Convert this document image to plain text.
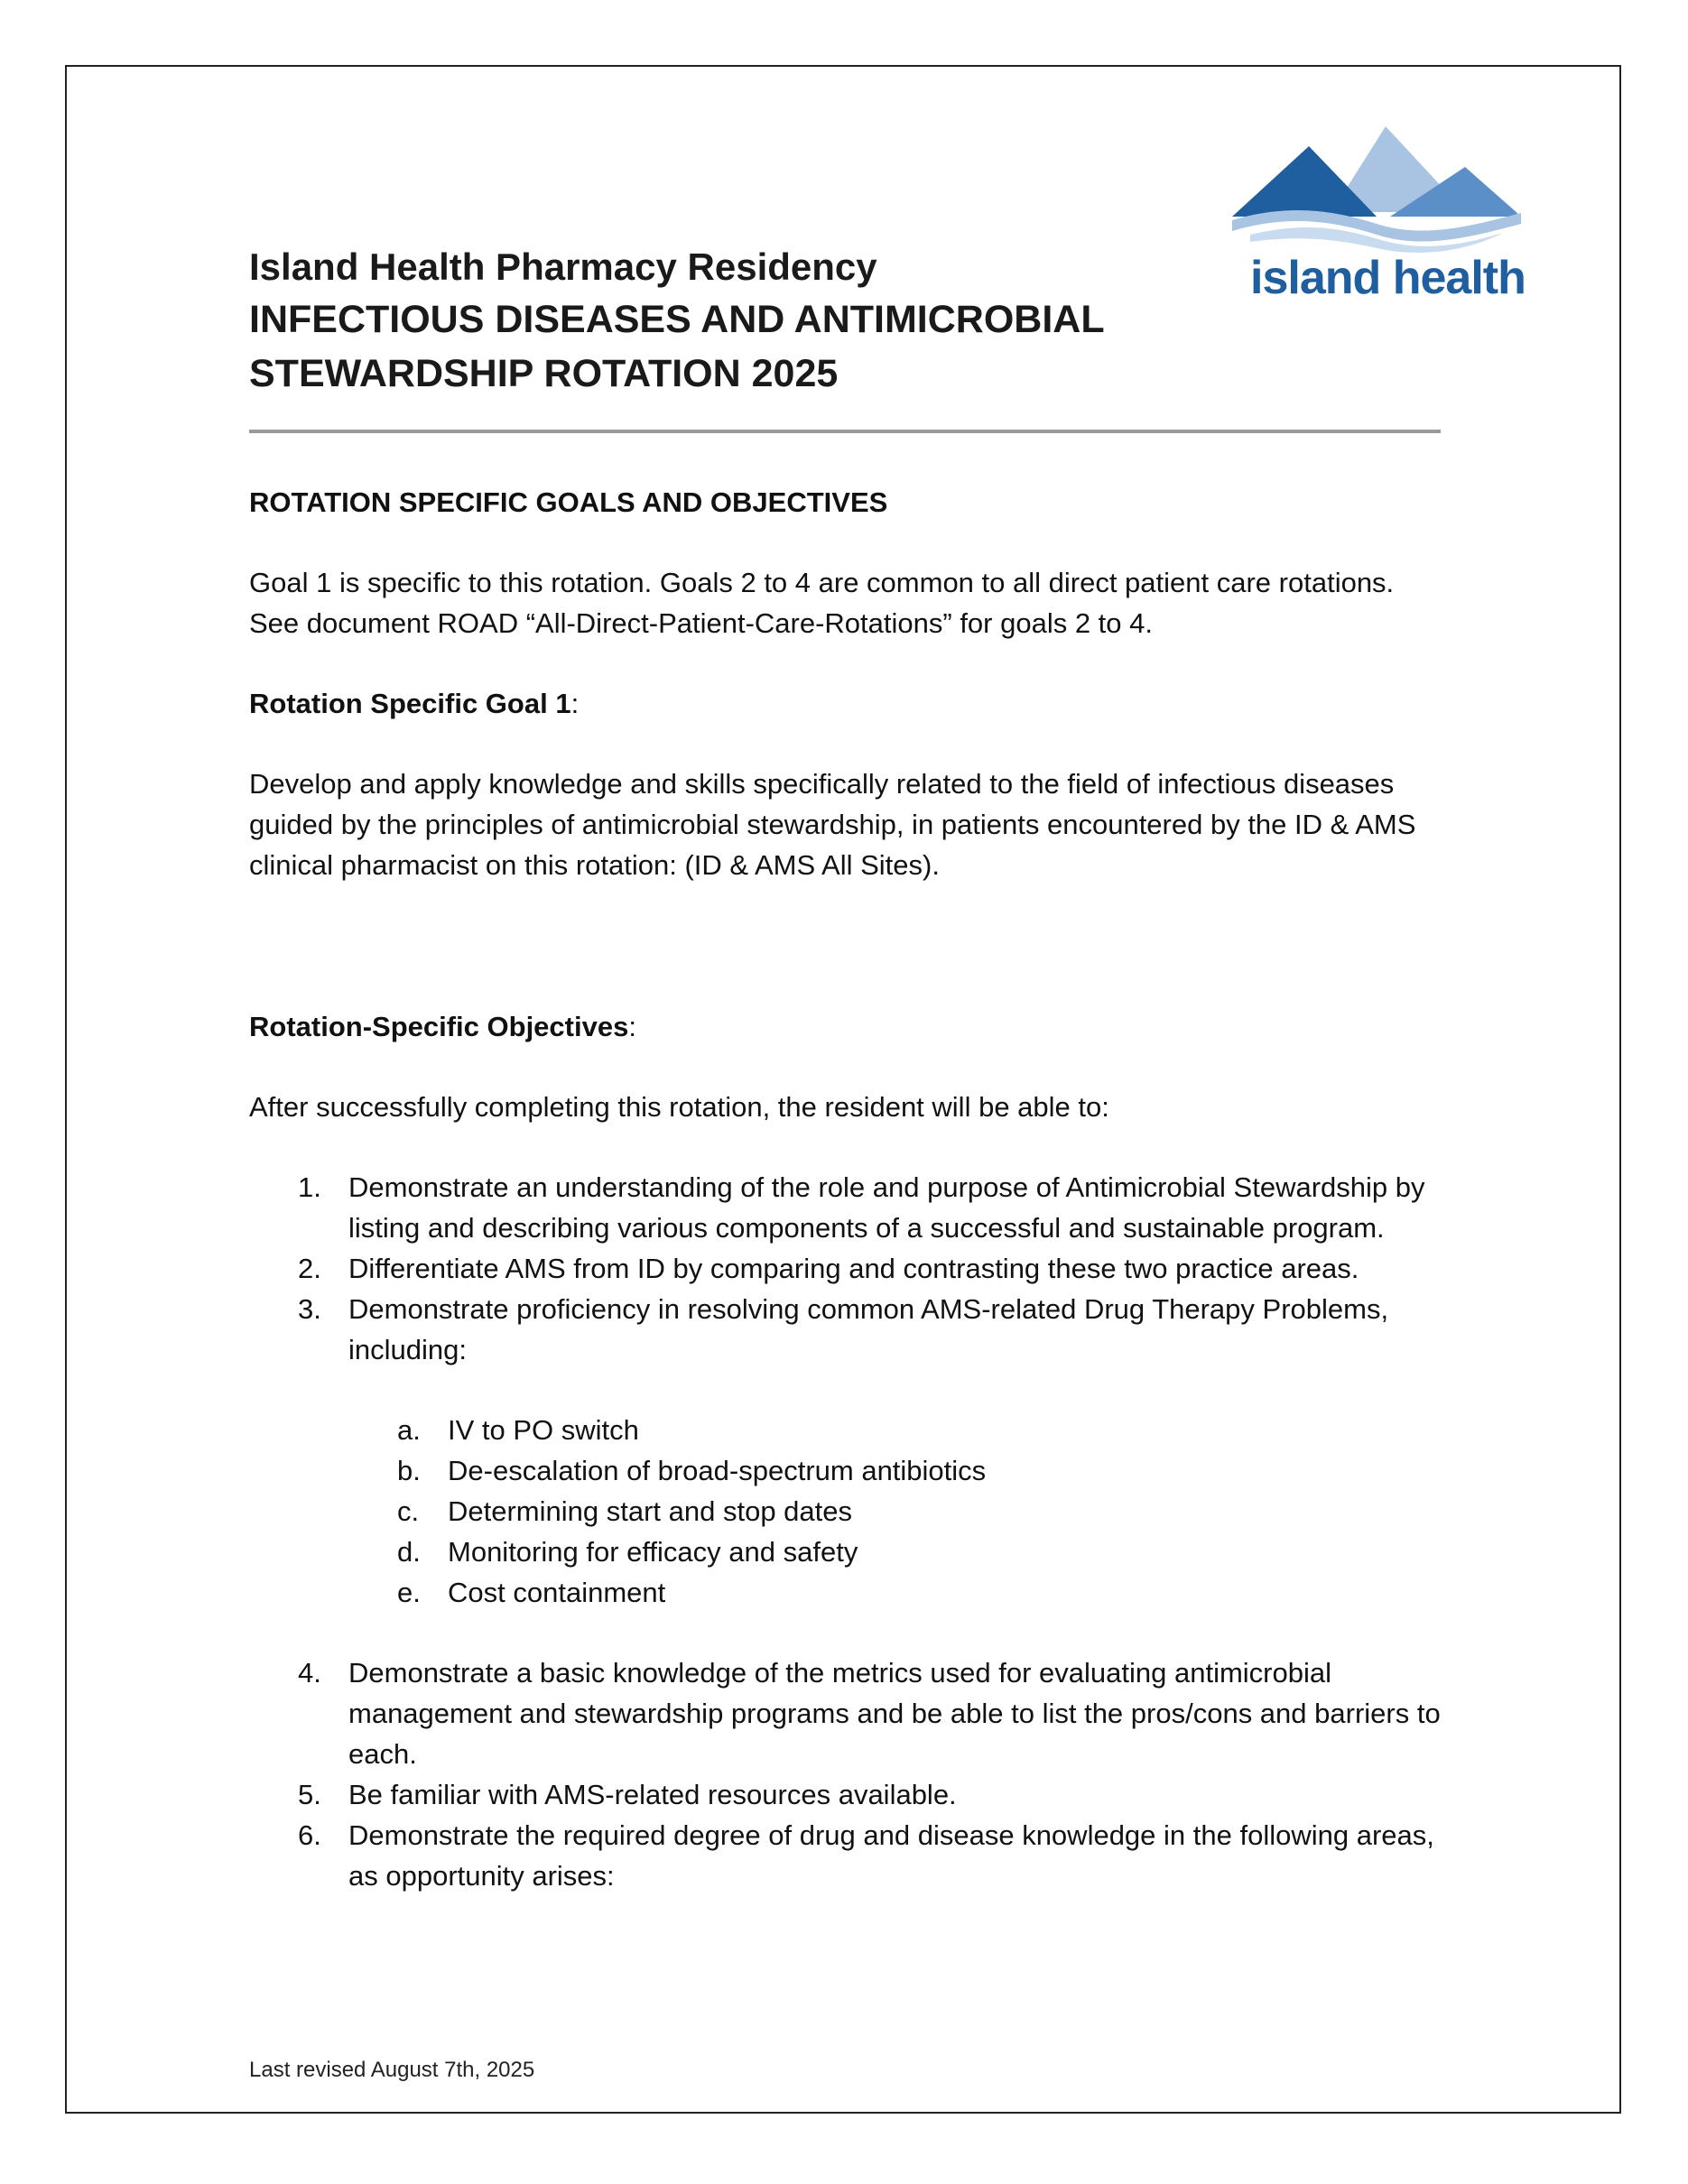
island health
Island Health Pharmacy Residency
INFECTIOUS DISEASES AND ANTIMICROBIAL
STEWARDSHIP ROTATION 2025

ROTATION SPECIFIC GOALS AND OBJECTIVES

Goal 1 is specific to this rotation. Goals 2 to 4 are common to all direct patient care rotations. See document ROAD “All-Direct-Patient-Care-Rotations” for goals 2 to 4.

Rotation Specific Goal 1:

Develop and apply knowledge and skills specifically related to the field of infectious diseases guided by the principles of antimicrobial stewardship, in patients encountered by the ID & AMS clinical pharmacist on this rotation: (ID & AMS All Sites).

Rotation-Specific Objectives:

After successfully completing this rotation, the resident will be able to:

1. Demonstrate an understanding of the role and purpose of Antimicrobial Stewardship by listing and describing various components of a successful and sustainable program.
2. Differentiate AMS from ID by comparing and contrasting these two practice areas.
3. Demonstrate proficiency in resolving common AMS-related Drug Therapy Problems, including:
a. IV to PO switch
b. De-escalation of broad-spectrum antibiotics
c. Determining start and stop dates
d. Monitoring for efficacy and safety
e. Cost containment
4. Demonstrate a basic knowledge of the metrics used for evaluating antimicrobial management and stewardship programs and be able to list the pros/cons and barriers to each.
5. Be familiar with AMS-related resources available.
6. Demonstrate the required degree of drug and disease knowledge in the following areas, as opportunity arises:
Last revised August 7th, 2025
